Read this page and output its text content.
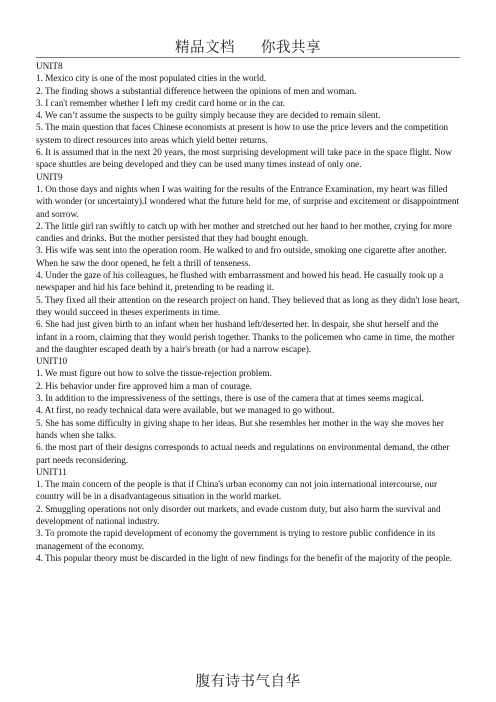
精品文档 你我共享

UNIT8

1. Mexico city is one of the most populated cities in the world.

2. The finding shows a substantial difference between the opinions of men and woman.

3. I can't remember whether I left my credit card home or in the car.

4. We can’t assume the suspects to be guilty simply because they are decided to remain silent.

5. The main question that faces Chinese economists at present is how to use the price levers and the competition system to direct resources into areas which yield better returns.

6. It is assumed that in the next 20 years, the most surprising development will take pace in the space flight. Now space shuttles are being developed and they can be used many times instead of only one.

UNIT9

1. On those days and nights when I was waiting for the results of the Entrance Examination, my heart was filled with wonder (or uncertainty).I wondered what the future held for me, of surprise and excitement or disappointment and sorrow.

2. The little girl ran swiftly to catch up with her mother and stretched out her hand to her mother, crying for more candies and drinks. But the mother persisted that they had bought enough.

3. His wife was sent into the operation room. He walked to and fro outside, smoking one cigarette after another. When he saw the door opened, he felt a thrill of tenseness.

4. Under the gaze of his colleagues, he flushed with embarrassment and bowed his head. He casually took up a newspaper and hid his face behind it, pretending to be reading it.

5. They fixed all their attention on the research project on hand. They believed that as long as they didn't lose heart, they would succeed in theses experiments in time.

6. She had just given birth to an infant when her husband left/deserted her. In despair, she shut herself and the infant in a room, claiming that they would perish together. Thanks to the policemen who came in time, the mother and the daughter escaped death by a hair's breath (or had a narrow escape).

UNIT10

1. We must figure out how to solve the tissue-rejection problem.

2. His behavior under fire approved him a man of courage.

3. In addition to the impressiveness of the settings, there is use of the camera that at times seems magical.

4. At first, no ready technical data were available, but we managed to go without.

5. She has some difficulty in giving shape to her ideas. But she resembles her mother in the way she moves her hands when she talks.

6. the most part of their designs corresponds to actual needs and regulations on environmental demand, the other part needs reconsidering.

UNIT11

1. The main concern of the people is that if China's urban economy can not join international intercourse, our country will be in a disadvantageous situation in the world market.

2. Smuggling operations not only disorder out markets, and evade custom duty, but also harm the survival and development of national industry.

3. To promote the rapid development of economy the government is trying to restore public confidence in its management of the economy.

4. This popular theory must be discarded in the light of new findings for the benefit of the majority of the people.

腹有诗书气自华
